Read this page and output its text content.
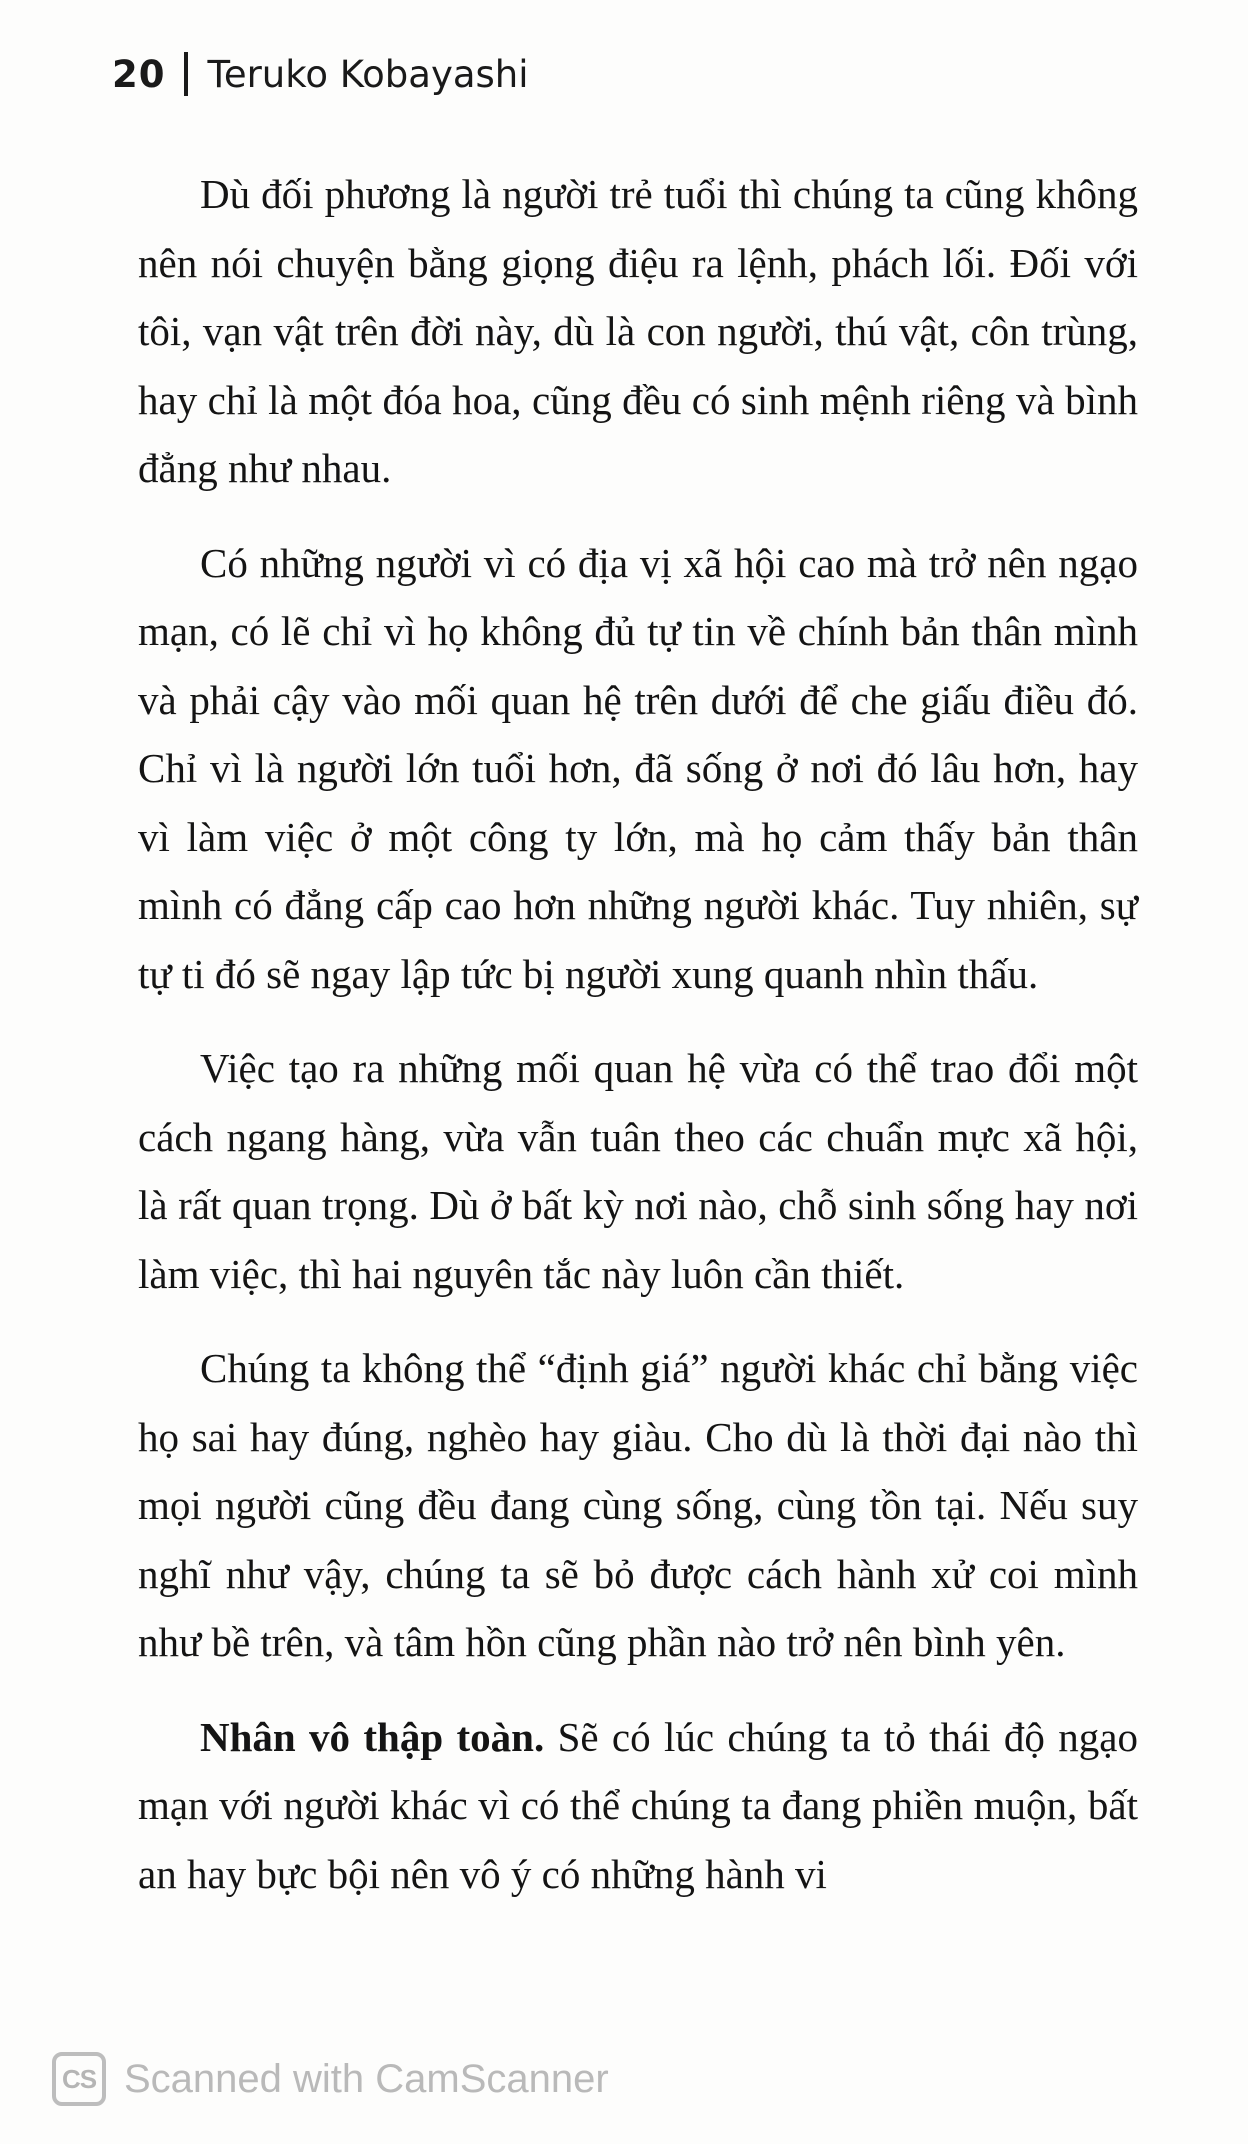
20 Teruko Kobayashi

Dù đối phương là người trẻ tuổi thì chúng ta cũng không nên nói chuyện bằng giọng điệu ra lệnh, phách lối. Đối với tôi, vạn vật trên đời này, dù là con người, thú vật, côn trùng, hay chỉ là một đóa hoa, cũng đều có sinh mệnh riêng và bình đẳng như nhau.

Có những người vì có địa vị xã hội cao mà trở nên ngạo mạn, có lẽ chỉ vì họ không đủ tự tin về chính bản thân mình và phải cậy vào mối quan hệ trên dưới để che giấu điều đó. Chỉ vì là người lớn tuổi hơn, đã sống ở nơi đó lâu hơn, hay vì làm việc ở một công ty lớn, mà họ cảm thấy bản thân mình có đẳng cấp cao hơn những người khác. Tuy nhiên, sự tự ti đó sẽ ngay lập tức bị người xung quanh nhìn thấu.

Việc tạo ra những mối quan hệ vừa có thể trao đổi một cách ngang hàng, vừa vẫn tuân theo các chuẩn mực xã hội, là rất quan trọng. Dù ở bất kỳ nơi nào, chỗ sinh sống hay nơi làm việc, thì hai nguyên tắc này luôn cần thiết.

Chúng ta không thể “định giá” người khác chỉ bằng việc họ sai hay đúng, nghèo hay giàu. Cho dù là thời đại nào thì mọi người cũng đều đang cùng sống, cùng tồn tại. Nếu suy nghĩ như vậy, chúng ta sẽ bỏ được cách hành xử coi mình như bề trên, và tâm hồn cũng phần nào trở nên bình yên.

Nhân vô thập toàn. Sẽ có lúc chúng ta tỏ thái độ ngạo mạn với người khác vì có thể chúng ta đang phiền muộn, bất an hay bực bội nên vô ý có những hành vi

CS Scanned with CamScanner
